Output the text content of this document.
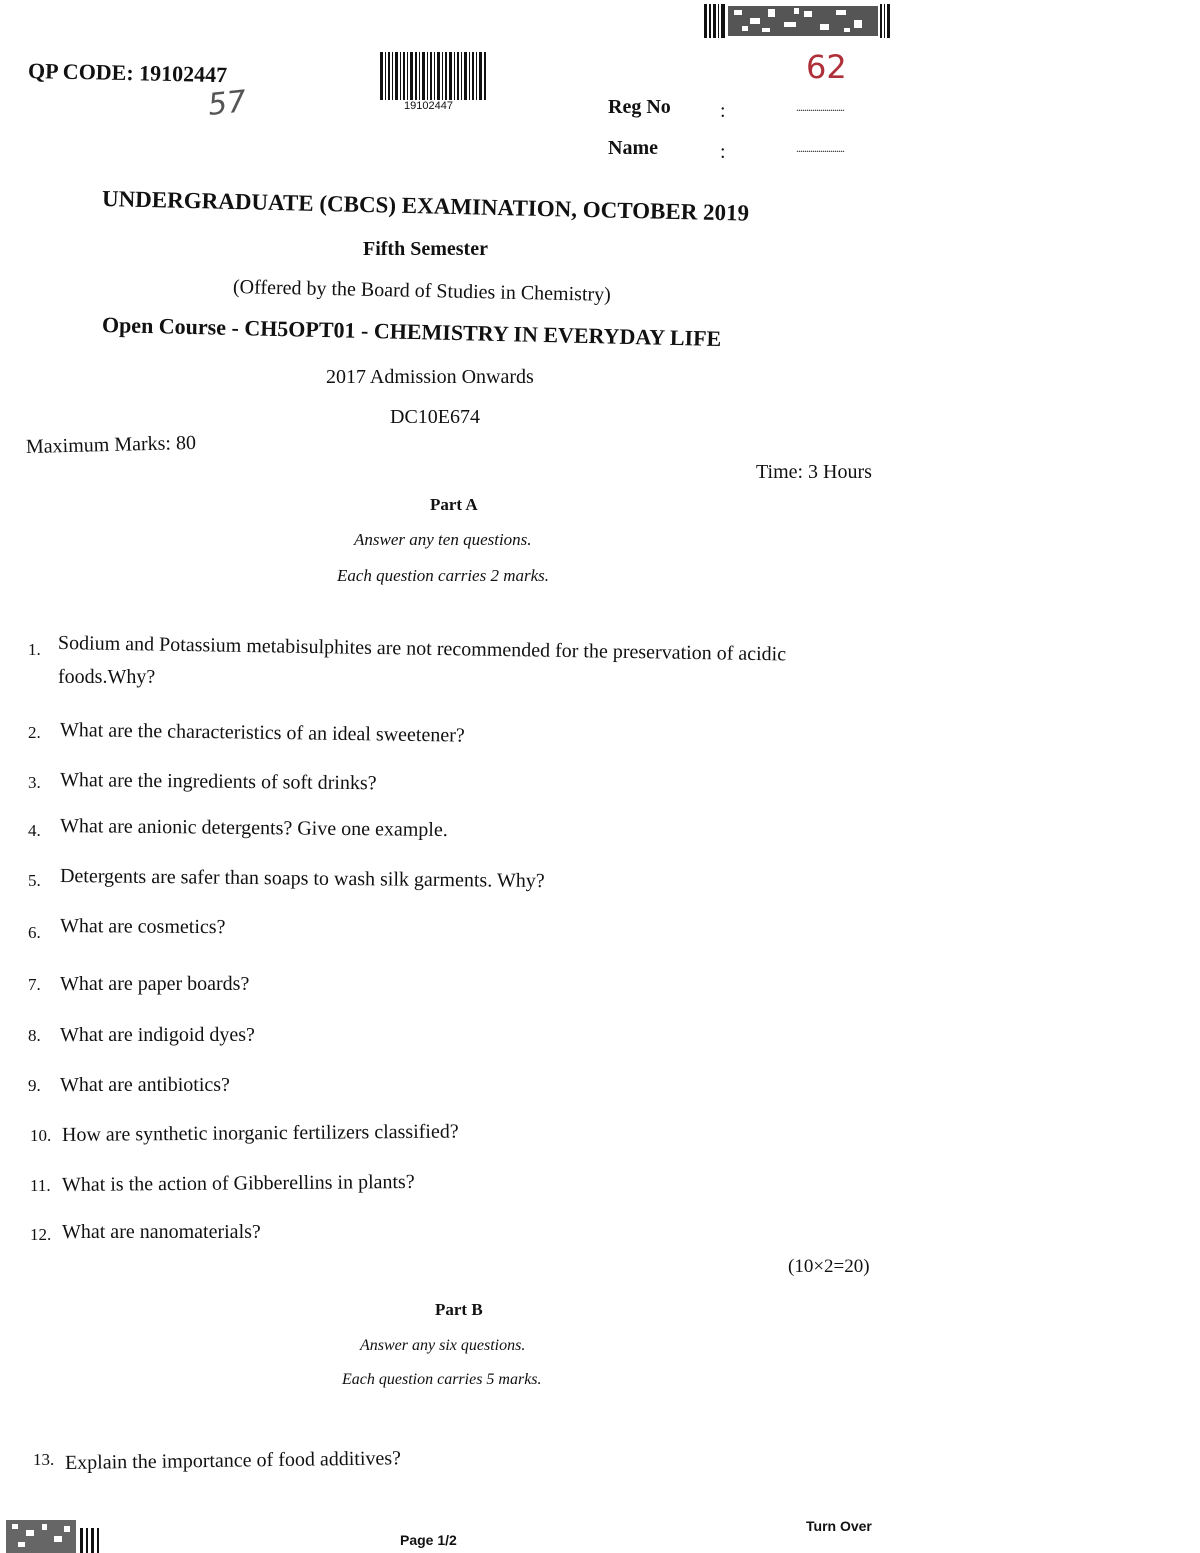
QP CODE: 19102447
57	19102447
62
Reg No :	........................
Name	:	........................
UNDERGRADUATE (CBCS) EXAMINATION, OCTOBER 2019
Fifth Semester
(Offered by the Board of Studies in Chemistry)
Open Course - CH5OPT01 - CHEMISTRY IN EVERYDAY LIFE
2017 Admission Onwards
DC10E674
Maximum Marks: 80
Time: 3 Hours
Part A
Answer any ten questions.
Each question carries 2 marks.
1. Sodium and Potassium metabisulphites are not recommended for the preservation of acidic
foods.Why?
2. What are the characteristics of an ideal sweetener?
3. What are the ingredients of soft drinks?
4. What are anionic detergents? Give one example.
5. Detergents are safer than soaps to wash silk garments. Why?
6. What are cosmetics?
7. What are paper boards?
8. What are indigoid dyes?
9. What are antibiotics?
10. How are synthetic inorganic fertilizers classified?
11. What is the action of Gibberellins in plants?
12. What are nanomaterials?
(10×2=20)
Part B
Answer any six questions.
Each question carries 5 marks.
13. Explain the importance of food additives?
Page 1/2
Turn Over
